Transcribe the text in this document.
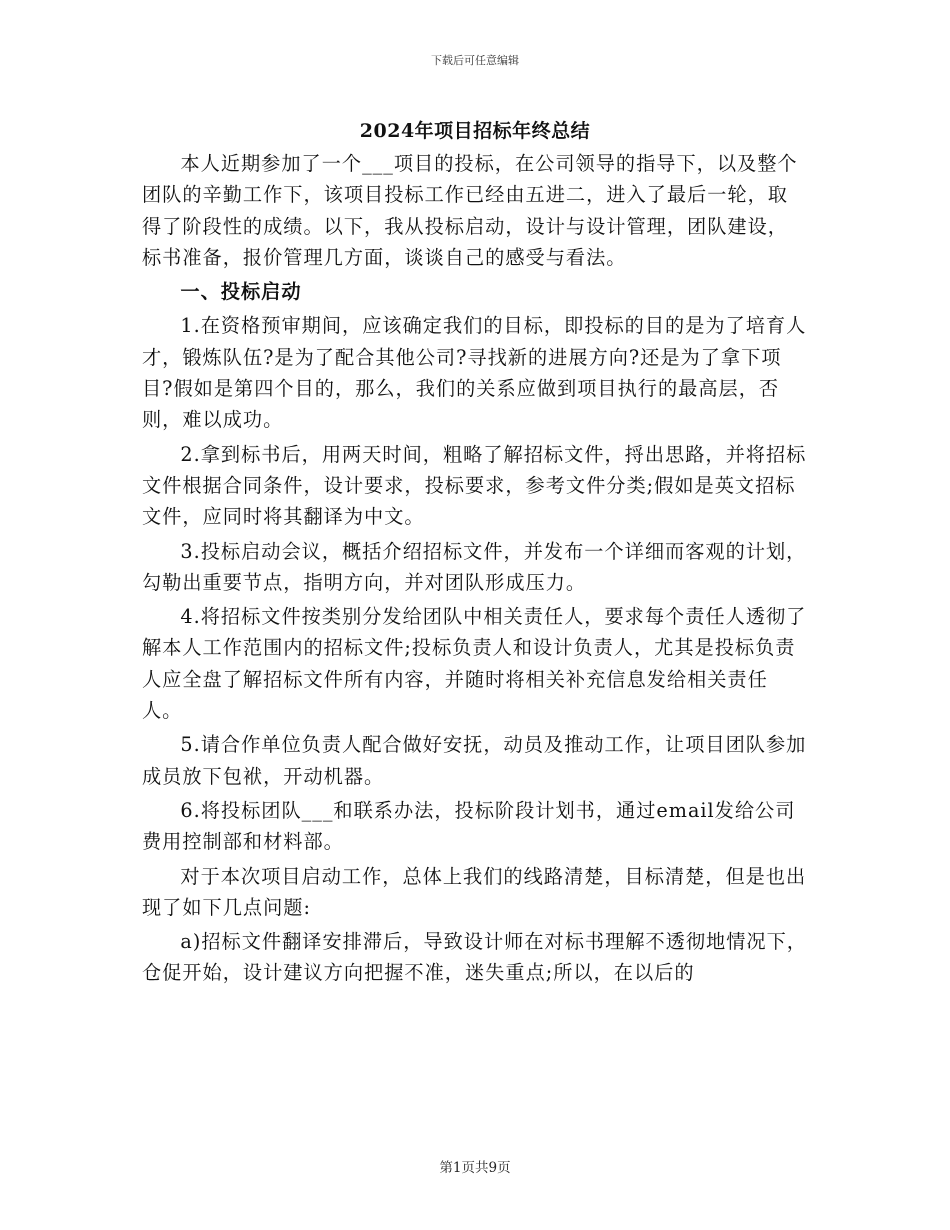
下载后可任意编辑
2024年项目招标年终总结

本人近期参加了一个___项目的投标，在公司领导的指导下，以及整个团队的辛勤工作下，该项目投标工作已经由五进二，进入了最后一轮，取得了阶段性的成绩。以下，我从投标启动，设计与设计管理，团队建设，标书准备，报价管理几方面，谈谈自己的感受与看法。

一、投标启动

1.在资格预审期间，应该确定我们的目标，即投标的目的是为了培育人才，锻炼队伍?是为了配合其他公司?寻找新的进展方向?还是为了拿下项目?假如是第四个目的，那么，我们的关系应做到项目执行的最高层，否则，难以成功。

2.拿到标书后，用两天时间，粗略了解招标文件，捋出思路，并将招标文件根据合同条件，设计要求，投标要求，参考文件分类;假如是英文招标文件，应同时将其翻译为中文。

3.投标启动会议，概括介绍招标文件，并发布一个详细而客观的计划，勾勒出重要节点，指明方向，并对团队形成压力。

4.将招标文件按类别分发给团队中相关责任人，要求每个责任人透彻了解本人工作范围内的招标文件;投标负责人和设计负责人，尤其是投标负责人应全盘了解招标文件所有内容，并随时将相关补充信息发给相关责任人。

5.请合作单位负责人配合做好安抚，动员及推动工作，让项目团队参加成员放下包袱，开动机器。

6.将投标团队___和联系办法，投标阶段计划书，通过email发给公司费用控制部和材料部。

对于本次项目启动工作，总体上我们的线路清楚，目标清楚，但是也出现了如下几点问题:

a)招标文件翻译安排滞后，导致设计师在对标书理解不透彻地情况下，仓促开始，设计建议方向把握不准，迷失重点;所以，在以后的

第1页共9页
